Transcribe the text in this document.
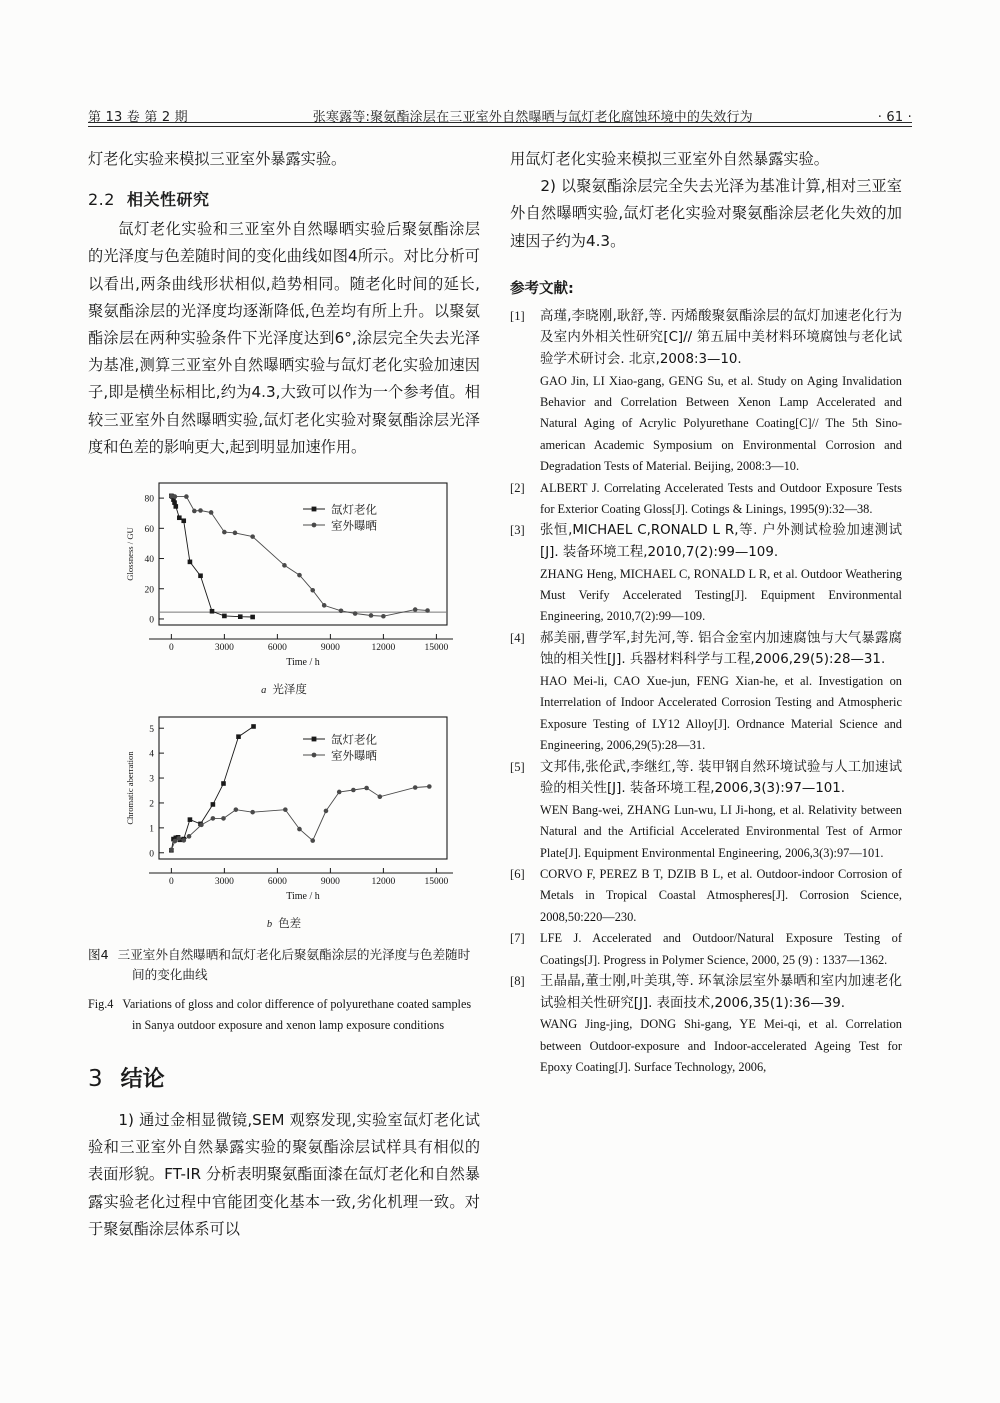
第 13 卷 第 2 期	张寒露等:聚氨酯涂层在三亚室外自然曝晒与氙灯老化腐蚀环境中的失效行为	· 61 ·

灯老化实验来模拟三亚室外暴露实验。

2.2 相关性研究

氙灯老化实验和三亚室外自然曝晒实验后聚氨酯涂层的光泽度与色差随时间的变化曲线如图4所示。对比分析可以看出,两条曲线形状相似,趋势相同。随老化时间的延长,聚氨酯涂层的光泽度均逐渐降低,色差均有所上升。以聚氨酯涂层在两种实验条件下光泽度达到6°,涂层完全失去光泽为基准,测算三亚室外自然曝晒实验与氙灯老化实验加速因子,即是横坐标相比,约为4.3,大致可以作为一个参考值。相较三亚室外自然曝晒实验,氙灯老化实验对聚氨酯涂层光泽度和色差的影响更大,起到明显加速作用。

0
20
40
60
80
0	3000	6000	9000	12000	15000
Time / h
Glossness / GU
氙灯老化
室外曝晒
a 光泽度
0
1
2
3
4
5
0	3000	6000	9000	12000	15000
Time / h
Chromatic aberration
氙灯老化
室外曝晒
b 色差
图4 三亚室外自然曝晒和氙灯老化后聚氨酯涂层的光泽度与色差随时间的变化曲线
Fig.4 Variations of gloss and color difference of polyurethane coated samples in Sanya outdoor exposure and xenon lamp exposure conditions
3 结论

1) 通过金相显微镜,SEM 观察发现,实验室氙灯老化试验和三亚室外自然暴露实验的聚氨酯涂层试样具有相似的表面形貌。FT-IR 分析表明聚氨酯面漆在氙灯老化和自然暴露实验老化过程中官能团变化基本一致,劣化机理一致。对于聚氨酯涂层体系可以

用氙灯老化实验来模拟三亚室外自然暴露实验。

2) 以聚氨酯涂层完全失去光泽为基准计算,相对三亚室外自然曝晒实验,氙灯老化实验对聚氨酯涂层老化失效的加速因子约为4.3。

参考文献:
[1]	高瑾,李晓刚,耿舒,等. 丙烯酸聚氨酯涂层的氙灯加速老化行为及室内外相关性研究[C]// 第五届中美材料环境腐蚀与老化试验学术研讨会. 北京,2008:3—10.
GAO Jin, LI Xiao-gang, GENG Su, et al. Study on Aging Invalidation Behavior and Correlation Between Xenon Lamp Accelerated and Natural Aging of Acrylic Polyurethane Coating[C]// The 5th Sino-american Academic Symposium on Environmental Corrosion and Degradation Tests of Material. Beijing, 2008:3—10.
[2]	ALBERT J. Correlating Accelerated Tests and Outdoor Exposure Tests for Exterior Coating Gloss[J]. Cotings & Linings, 1995(9):32—38.
[3]	张恒,MICHAEL C,RONALD L R,等. 户外测试检验加速测试[J]. 装备环境工程,2010,7(2):99—109.
ZHANG Heng, MICHAEL C, RONALD L R, et al. Outdoor Weathering Must Verify Accelerated Testing[J]. Equipment Environmental Engineering, 2010,7(2):99—109.
[4]	郝美丽,曹学军,封先河,等. 铝合金室内加速腐蚀与大气暴露腐蚀的相关性[J]. 兵器材料科学与工程,2006,29(5):28—31.
HAO Mei-li, CAO Xue-jun, FENG Xian-he, et al. Investigation on Interrelation of Indoor Accelerated Corrosion Testing and Atmospheric Exposure Testing of LY12 Alloy[J]. Ordnance Material Science and Engineering, 2006,29(5):28—31.
[5]	文邦伟,张伦武,李继红,等. 装甲钢自然环境试验与人工加速试验的相关性[J]. 装备环境工程,2006,3(3):97—101.
WEN Bang-wei, ZHANG Lun-wu, LI Ji-hong, et al. Relativity between Natural and the Artificial Accelerated Environmental Test of Armor Plate[J]. Equipment Environmental Engineering, 2006,3(3):97—101.
[6]	CORVO F, PEREZ B T, DZIB B L, et al. Outdoor-indoor Corrosion of Metals in Tropical Coastal Atmospheres[J]. Corrosion Science, 2008,50:220—230.
[7]	LFE J. Accelerated and Outdoor/Natural Exposure Testing of Coatings[J]. Progress in Polymer Science, 2000, 25 (9) : 1337—1362.
[8]	王晶晶,董士刚,叶美琪,等. 环氧涂层室外暴晒和室内加速老化试验相关性研究[J]. 表面技术,2006,35(1):36—39.
WANG Jing-jing, DONG Shi-gang, YE Mei-qi, et al. Correlation between Outdoor-exposure and Indoor-accelerated Ageing Test for Epoxy Coating[J]. Surface Technology, 2006,
